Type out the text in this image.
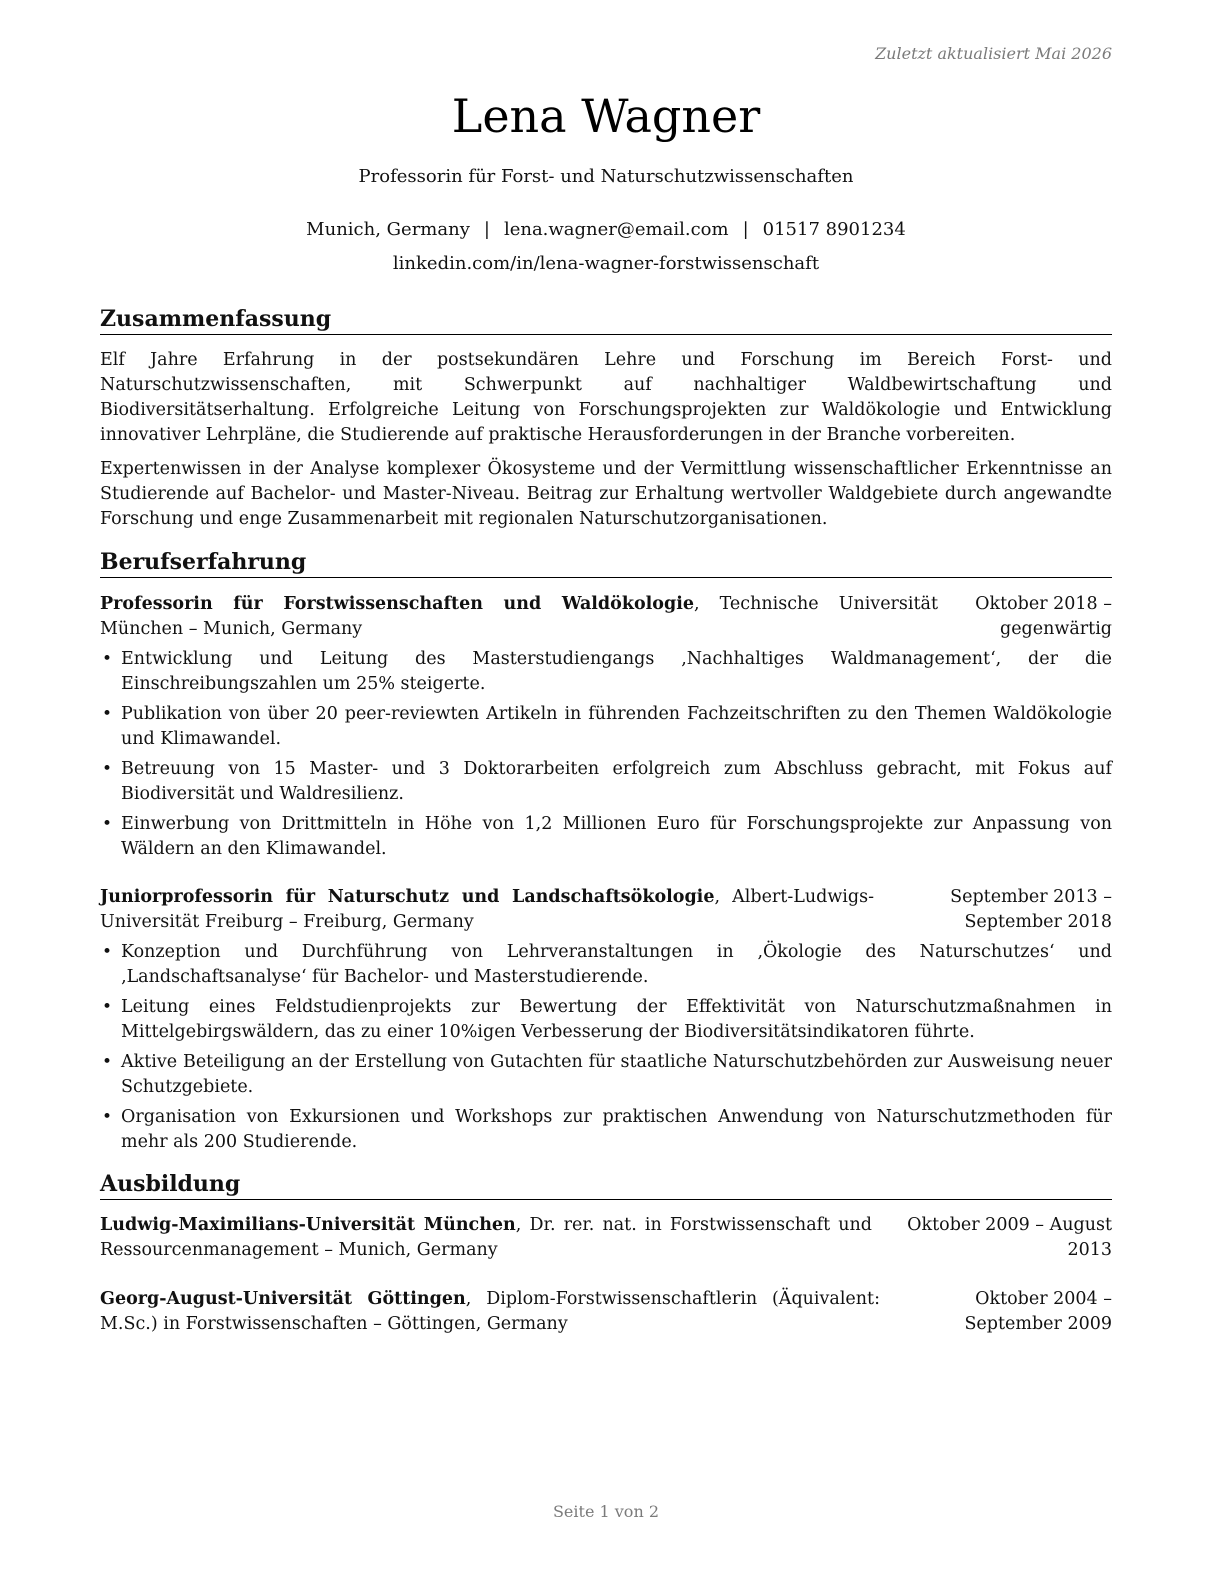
Zuletzt aktualisiert Mai 2026
Lena Wagner
Professorin für Forst- und Naturschutzwissenschaften
Munich, Germany | lena.wagner@email.com | 01517 8901234
linkedin.com/in/lena-wagner-forstwissenschaft
Zusammenfassung
Elf Jahre Erfahrung in der postsekundären Lehre und Forschung im Bereich Forst- und Naturschutzwissenschaften, mit Schwerpunkt auf nachhaltiger Waldbewirtschaftung und Biodiversitätserhaltung. Erfolgreiche Leitung von Forschungsprojekten zur Waldökologie und Entwicklung innovativer Lehrpläne, die Studierende auf praktische Herausforderungen in der Branche vorbereiten.
Expertenwissen in der Analyse komplexer Ökosysteme und der Vermittlung wissenschaftlicher Erkenntnisse an Studierende auf Bachelor- und Master-Niveau. Beitrag zur Erhaltung wertvoller Waldgebiete durch angewandte Forschung und enge Zusammenarbeit mit regionalen Naturschutzorganisationen.
Berufserfahrung
Professorin für Forstwissenschaften und Waldökologie, Technische Universität München – Munich, Germany
Oktober 2018 – gegenwärtig
• Entwicklung und Leitung des Masterstudiengangs ‚Nachhaltiges Waldmanagement‘, der die Einschreibungszahlen um 25% steigerte.
• Publikation von über 20 peer-reviewten Artikeln in führenden Fachzeitschriften zu den Themen Waldökologie und Klimawandel.
• Betreuung von 15 Master- und 3 Doktorarbeiten erfolgreich zum Abschluss gebracht, mit Fokus auf Biodiversität und Waldresilienz.
• Einwerbung von Drittmitteln in Höhe von 1,2 Millionen Euro für Forschungsprojekte zur Anpassung von Wäldern an den Klimawandel.
Juniorprofessorin für Naturschutz und Landschaftsökologie, Albert-Ludwigs-Universität Freiburg – Freiburg, Germany
September 2013 – September 2018
• Konzeption und Durchführung von Lehrveranstaltungen in ‚Ökologie des Naturschutzes‘ und ‚Landschaftsanalyse‘ für Bachelor- und Masterstudierende.
• Leitung eines Feldstudienprojekts zur Bewertung der Effektivität von Naturschutzmaßnahmen in Mittelgebirgswäldern, das zu einer 10%igen Verbesserung der Biodiversitätsindikatoren führte.
• Aktive Beteiligung an der Erstellung von Gutachten für staatliche Naturschutzbehörden zur Ausweisung neuer Schutzgebiete.
• Organisation von Exkursionen und Workshops zur praktischen Anwendung von Naturschutzmethoden für mehr als 200 Studierende.
Ausbildung
Ludwig-Maximilians-Universität München, Dr. rer. nat. in Forstwissenschaft und Ressourcenmanagement – Munich, Germany
Oktober 2009 – August 2013
Georg-August-Universität Göttingen, Diplom-Forstwissenschaftlerin (Äquivalent: M.Sc.) in Forstwissenschaften – Göttingen, Germany
Oktober 2004 – September 2009
Seite 1 von 2
